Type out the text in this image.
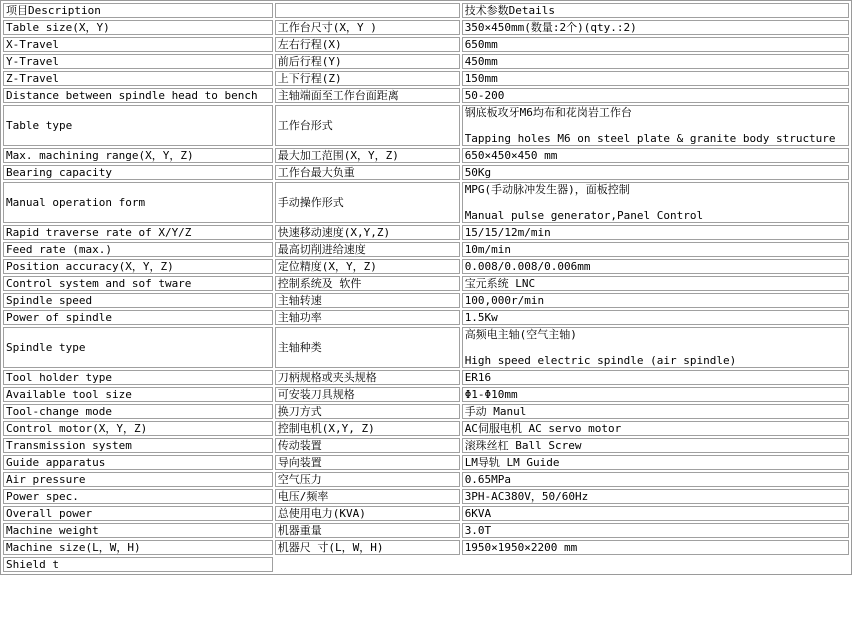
项目Description		技术参数Details
Table size(X，Y)	工作台尺寸(X，Y )	350×450mm(数量:2个)(qty.:2)
X-Travel	左右行程(X)	650mm
Y-Travel	前后行程(Y)	450mm
Z-Travel	上下行程(Z)	150mm
Distance between spindle head to bench	主轴端面至工作台面距离	50-200
Table type	工作台形式	钢底板攻牙M6均布和花岗岩工作台
Tapping holes M6 on steel plate & granite body structure

Max. machining range(X，Y，Z)	最大加工范围(X，Y，Z)	650×450×450 mm
Bearing capacity	工作台最大负重	50Kg
Manual operation form	手动操作形式	MPG(手动脉冲发生器)，面板控制
Manual pulse generator,Panel Control

Rapid traverse rate of X/Y/Z	快速移动速度(X,Y,Z)	15/15/12m/min
Feed rate (max.)	最高切削进给速度	10m/min
Position accuracy(X，Y，Z)	定位精度(X，Y，Z)	0.008/0.008/0.006mm
Control system and sof tware	控制系统及 软件	宝元系统 LNC
Spindle speed	主轴转速	100,000r/min
Power of spindle	主轴功率	1.5Kw
Spindle type	主轴种类	高频电主轴(空气主轴)
High speed electric spindle (air spindle)

Tool holder type	刀柄规格或夹头规格	ER16
Available tool size	可安装刀具规格	Φ1-Φ10mm
Tool-change mode	换刀方式	手动 Manul
Control motor(X，Y，Z)	控制电机(X,Y, Z)	AC伺服电机 AC servo motor
Transmission system	传动装置	滚珠丝杠 Ball Screw
Guide apparatus	导向装置	LM导轨 LM Guide
Air pressure	空气压力	0.65MPa
Power spec.	电压/频率	3PH-AC380V，50/60Hz
Overall power	总使用电力(KVA)	6KVA
Machine weight	机器重量	3.0T
Machine size(L，W，H)	机器尺 寸(L，W，H)	1950×1950×2200 mm
Shield t		
